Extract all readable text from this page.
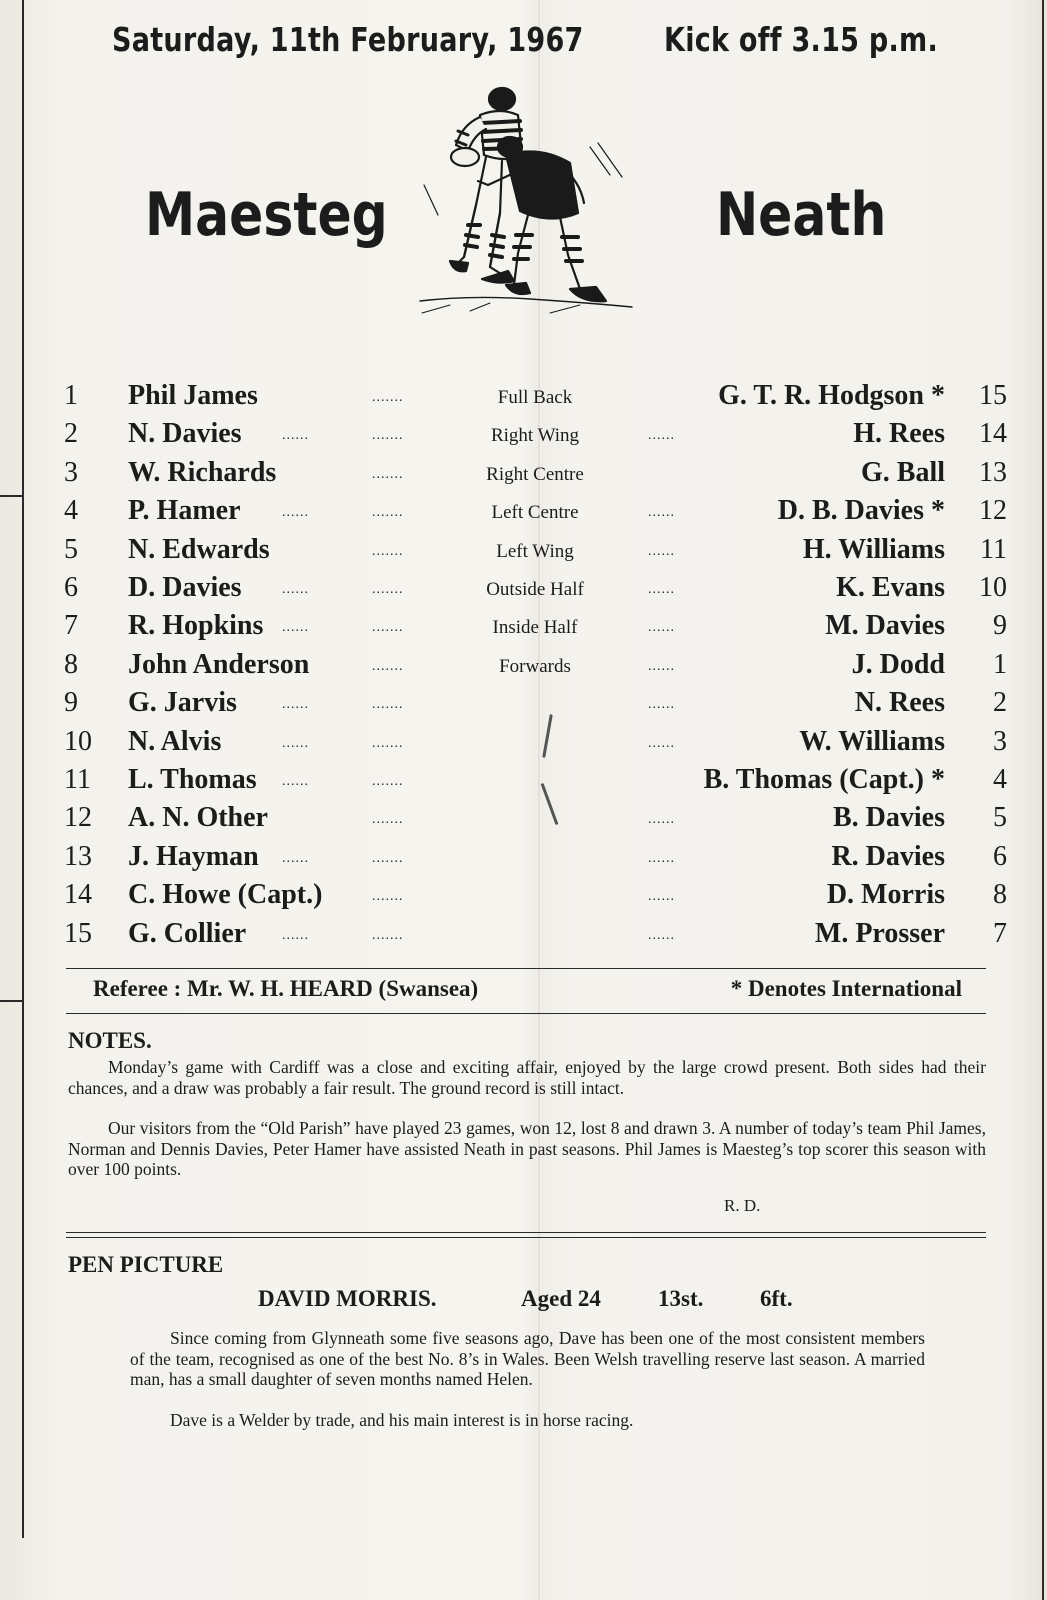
Saturday, 11th February, 1967 Kick off 3.15 p.m.
Maesteg	Neath
1	Phil James	Full Back	G. T. R. Hodgson *	15
.......
2	N. Davies	Right Wing	H. Rees	14
.......
......	......
3	W. Richards	Right Centre	G. Ball	13
.......
4	P. Hamer	Left Centre	D. B. Davies *	12
.......
......	......
5	N. Edwards	Left Wing	H. Williams	11
.......	......
6	D. Davies	Outside Half	K. Evans	10
.......
......	......
7	R. Hopkins	Inside Half	M. Davies	9
.......
......	......
8	John Anderson	Forwards	J. Dodd	1
.......	......
9	G. Jarvis	N. Rees	2
.......
......	......
10	N. Alvis	W. Williams	3
.......
......	......
11	L. Thomas	B. Thomas (Capt.) *	4
.......
......
12	A. N. Other	B. Davies	5
.......	......
13	J. Hayman	R. Davies	6
.......
......	......
14	C. Howe (Capt.)	D. Morris	8
.......	......
15	G. Collier	M. Prosser	7
.......
......	......
Referee : Mr. W. H. HEARD (Swansea)	* Denotes International
NOTES.
Monday’s game with Cardiff was a close and exciting affair, enjoyed by the large crowd present. Both sides had their chances, and a draw was probably a fair result. The ground record is still intact.
Our visitors from the “Old Parish” have played 23 games, won 12, lost 8 and drawn 3. A number of today’s team Phil James, Norman and Dennis Davies, Peter Hamer have assisted Neath in past seasons. Phil James is Maesteg’s top scorer this season with over 100 points.
R. D.
PEN PICTURE
DAVID MORRIS.	Aged 24 13st. 6ft.
Since coming from Glynneath some five seasons ago, Dave has been one of the most consistent members of the team, recognised as one of the best No. 8’s in Wales. Been Welsh travelling reserve last season. A married man, has a small daughter of seven months named Helen.
Dave is a Welder by trade, and his main interest is in horse racing.
